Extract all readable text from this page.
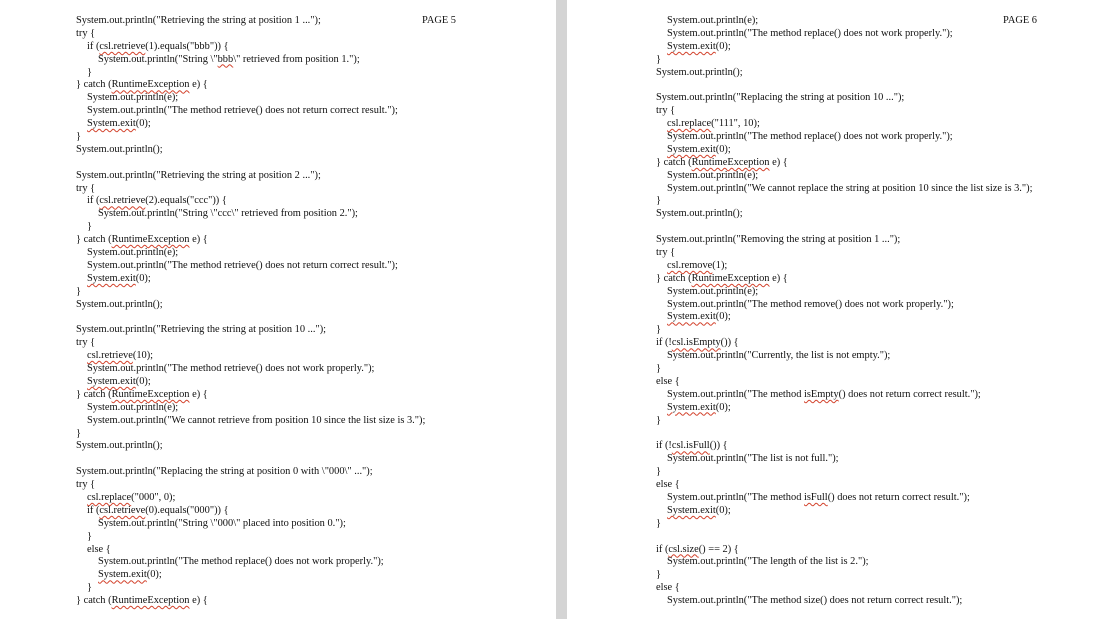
PAGE 5
System.out.println("Retrieving the string at position 1 ...");
try {
if (csl.retrieve(1).equals("bbb")) {
System.out.println("String \"bbb\" retrieved from position 1.");
}
} catch (RuntimeException e) {
System.out.println(e);
System.out.println("The method retrieve() does not return correct result.");
System.exit(0);
}
System.out.println();
System.out.println("Retrieving the string at position 2 ...");
try {
if (csl.retrieve(2).equals("ccc")) {
System.out.println("String \"ccc\" retrieved from position 2.");
}
} catch (RuntimeException e) {
System.out.println(e);
System.out.println("The method retrieve() does not return correct result.");
System.exit(0);
}
System.out.println();
System.out.println("Retrieving the string at position 10 ...");
try {
csl.retrieve(10);
System.out.println("The method retrieve() does not work properly.");
System.exit(0);
} catch (RuntimeException e) {
System.out.println(e);
System.out.println("We cannot retrieve from position 10 since the list size is 3.");
}
System.out.println();
System.out.println("Replacing the string at position 0 with \"000\" ...");
try {
csl.replace("000", 0);
if (csl.retrieve(0).equals("000")) {
System.out.println("String \"000\" placed into position 0.");
}
else {
System.out.println("The method replace() does not work properly.");
System.exit(0);
}
} catch (RuntimeException e) {
PAGE 6
System.out.println(e);
System.out.println("The method replace() does not work properly.");
System.exit(0);
}
System.out.println();
System.out.println("Replacing the string at position 10 ...");
try {
csl.replace("111", 10);
System.out.println("The method replace() does not work properly.");
System.exit(0);
} catch (RuntimeException e) {
System.out.println(e);
System.out.println("We cannot replace the string at position 10 since the list size is 3.");
}
System.out.println();
System.out.println("Removing the string at position 1 ...");
try {
csl.remove(1);
} catch (RuntimeException e) {
System.out.println(e);
System.out.println("The method remove() does not work properly.");
System.exit(0);
}
if (!csl.isEmpty()) {
System.out.println("Currently, the list is not empty.");
}
else {
System.out.println("The method isEmpty() does not return correct result.");
System.exit(0);
}
if (!csl.isFull()) {
System.out.println("The list is not full.");
}
else {
System.out.println("The method isFull() does not return correct result.");
System.exit(0);
}
if (csl.size() == 2) {
System.out.println("The length of the list is 2.");
}
else {
System.out.println("The method size() does not return correct result.");
